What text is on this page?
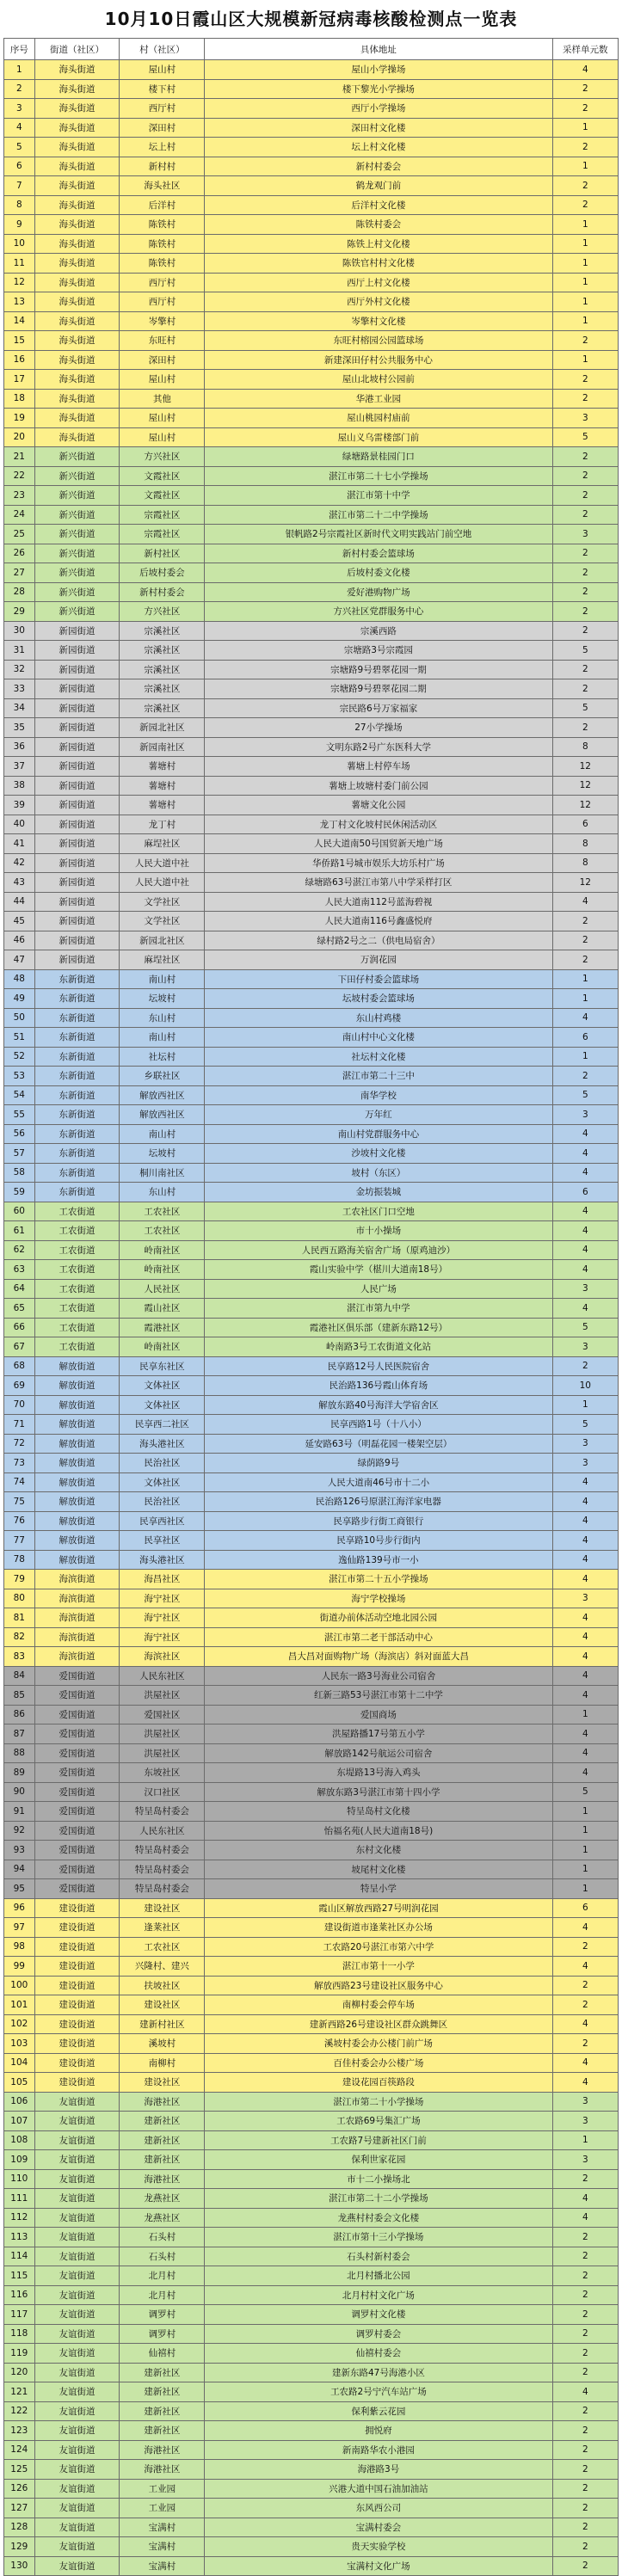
10月10日霞山区大规模新冠病毒核酸检测点一览表
序号	街道（社区）	村（社区）	具体地址	采样单元数
1	海头街道	屋山村	屋山小学操场	4
2	海头街道	楼下村	楼下黎光小学操场	2
3	海头街道	西厅村	西厅小学操场	2
4	海头街道	深田村	深田村文化楼	1
5	海头街道	坛上村	坛上村文化楼	2
6	海头街道	新村村	新村村委会	1
7	海头街道	海头社区	鹤龙观门前	2
8	海头街道	后洋村	后洋村文化楼	2
9	海头街道	陈铁村	陈铁村委会	1
10	海头街道	陈铁村	陈铁上村文化楼	1
11	海头街道	陈铁村	陈铁官村村文化楼	1
12	海头街道	西厅村	西厅上村文化楼	1
13	海头街道	西厅村	西厅外村文化楼	1
14	海头街道	岑擎村	岑擎村文化楼	1
15	海头街道	东旺村	东旺村榕园公园篮球场	2
16	海头街道	深田村	新建深田仔村公共服务中心	1
17	海头街道	屋山村	屋山北坡村公园前	2
18	海头街道	其他	华港工业园	2
19	海头街道	屋山村	屋山桃园村庙前	3
20	海头街道	屋山村	屋山义乌雷楼部门前	5
21	新兴街道	方兴社区	绿塘路景桂园门口	2
22	新兴街道	文霞社区	湛江市第二十七小学操场	2
23	新兴街道	文霞社区	湛江市第十中学	2
24	新兴街道	宗霞社区	湛江市第二十二中学操场	2
25	新兴街道	宗霞社区	银帆路2号宗霞社区新时代文明实践站门前空地	3
26	新兴街道	新村社区	新村村委会篮球场	2
27	新兴街道	后坡村委会	后坡村委文化楼	2
28	新兴街道	新村村委会	爱好港购物广场	2
29	新兴街道	方兴社区	方兴社区党群服务中心	2
30	新园街道	宗溪社区	宗溪西路	2
31	新园街道	宗溪社区	宗塘路3号宗霞园	5
32	新园街道	宗溪社区	宗塘路9号碧翠花园一期	2
33	新园街道	宗溪社区	宗塘路9号碧翠花园二期	2
34	新园街道	宗溪社区	宗民路6号万家福家	5
35	新园街道	新园北社区	27小学操场	2
36	新园街道	新园南社区	文明东路2号广东医科大学	8
37	新园街道	薯塘村	薯塘上村停车场	12
38	新园街道	薯塘村	薯塘上坡塘村委门前公园	12
39	新园街道	薯塘村	薯塘文化公园	12
40	新园街道	龙丁村	龙丁村文化坡村民休闲活动区	6
41	新园街道	麻埕社区	人民大道南50号国贸新天地广场	8
42	新园街道	人民大道中社	华侨路1号城市娱乐大坊乐村广场	8
43	新园街道	人民大道中社	绿塘路63号湛江市第八中学采样打区	12
44	新园街道	文学社区	人民大道南112号蓝海碧视	4
45	新园街道	文学社区	人民大道南116号鑫盛悦府	2
46	新园街道	新园北社区	绿村路2号之二（供电局宿舍）	2
47	新园街道	麻埕社区	万润花园	2
48	东新街道	南山村	下田仔村委会篮球场	1
49	东新街道	坛坡村	坛坡村委会篮球场	1
50	东新街道	东山村	东山村鸡楼	4
51	东新街道	南山村	南山村中心文化楼	6
52	东新街道	社坛村	社坛村文化楼	1
53	东新街道	乡联社区	湛江市第二十三中	2
54	东新街道	解放西社区	南华学校	5
55	东新街道	解放西社区	万年红	3
56	东新街道	南山村	南山村党群服务中心	4
57	东新街道	坛坡村	沙坡村文化楼	4
58	东新街道	桐川南社区	坡村（东区）	4
59	东新街道	东山村	金坊振装城	6
60	工农街道	工农社区	工农社区门口空地	4
61	工农街道	工农社区	市十小操场	4
62	工农街道	岭南社区	人民西五路海关宿舍广场（原鸡迪沙）	4
63	工农街道	岭南社区	霞山实验中学（椹川大道南18号）	4
64	工农街道	人民社区	人民广场	3
65	工农街道	霞山社区	湛江市第九中学	4
66	工农街道	霞港社区	霞港社区俱乐部（建新东路12号）	5
67	工农街道	岭南社区	岭南路3号工农街道文化站	3
68	解放街道	民享东社区	民享路12号人民医院宿舍	2
69	解放街道	文体社区	民治路136号霞山体育场	10
70	解放街道	文体社区	解放东路40号海洋大学宿舍区	1
71	解放街道	民享西二社区	民享西路1号（十八小）	5
72	解放街道	海头港社区	延安路63号（明磊花园一楼架空层）	3
73	解放街道	民治社区	绿荫路9号	3
74	解放街道	文体社区	人民大道南46号市十二小	4
75	解放街道	民治社区	民治路126号原湛江海洋家电器	4
76	解放街道	民享西社区	民享路步行街工商银行	4
77	解放街道	民享社区	民享路10号步行街内	4
78	解放街道	海头港社区	逸仙路139号市一小	4
79	海滨街道	海昌社区	湛江市第二十五小学操场	4
80	海滨街道	海宁社区	海宁学校操场	3
81	海滨街道	海宁社区	街道办前体活动空地北园公园	4
82	海滨街道	海宁社区	湛江市第二老干部活动中心	4
83	海滨街道	海滨社区	昌大昌对面购物广场（海滨店）斜对面蓝大昌	4
84	爱国街道	人民东社区	人民东一路3号海业公司宿舍	4
85	爱国街道	洪屋社区	红新三路53号湛江市第十二中学	4
86	爱国街道	爱国社区	爱国商场	1
87	爱国街道	洪屋社区	洪屋路播17号第五小学	4
88	爱国街道	洪屋社区	解放路142号航运公司宿舍	4
89	爱国街道	东坡社区	东堤路13号海入鸡头	4
90	爱国街道	汉口社区	解放东路3号湛江市第十四小学	5
91	爱国街道	特呈岛村委会	特呈岛村文化楼	1
92	爱国街道	人民东社区	怡福名苑(人民大道南18号)	1
93	爱国街道	特呈岛村委会	东村文化楼	1
94	爱国街道	特呈岛村委会	坡尾村文化楼	1
95	爱国街道	特呈岛村委会	特呈小学	1
96	建设街道	建设社区	霞山区解放西路27号明润花园	6
97	建设街道	逢莱社区	建设街道市逢莱社区办公场	4
98	建设街道	工农社区	工农路20号湛江市第六中学	2
99	建设街道	兴隆村、建兴	湛江市第十一小学	4
100	建设街道	扶坡社区	解放西路23号建设社区服务中心	2
101	建设街道	建设社区	南柳村委会停车场	2
102	建设街道	建新村社区	建新西路26号建设社区群众跳舞区	4
103	建设街道	溪坡村	溪坡村委会办公楼门前广场	2
104	建设街道	南柳村	百佳村委会办公楼广场	4
105	建设街道	建设社区	建设花园百筷路段	4
106	友谊街道	海港社区	湛江市第二十小学操场	3
107	友谊街道	建新社区	工农路69号集汇广场	3
108	友谊街道	建新社区	工农路7号建新社区门前	1
109	友谊街道	建新社区	保利世家花园	3
110	友谊街道	海港社区	市十二小操场北	2
111	友谊街道	龙燕社区	湛江市第二十二小学操场	4
112	友谊街道	龙燕社区	龙燕村村委会文化楼	4
113	友谊街道	石头村	湛江市第十三小学操场	2
114	友谊街道	石头村	石头村新村委会	2
115	友谊街道	北月村	北月村播北公园	2
116	友谊街道	北月村	北月村村文化广场	2
117	友谊街道	调罗村	调罗村文化楼	2
118	友谊街道	调罗村	调罗村委会	2
119	友谊街道	仙禧村	仙禧村委会	2
120	友谊街道	建新社区	建新东路47号海港小区	2
121	友谊街道	建新社区	工农路2号宁汽车站广场	4
122	友谊街道	建新社区	保利紫云花园	2
123	友谊街道	建新社区	拥悦府	2
124	友谊街道	海港社区	新南路华农小港园	2
125	友谊街道	海港社区	海港路3号	2
126	友谊街道	工业园	兴港大道中国石油加油站	2
127	友谊街道	工业园	东风西公司	2
128	友谊街道	宝满村	宝满村委会	2
129	友谊街道	宝满村	贵天实验学校	2
130	友谊街道	宝满村	宝满村文化广场	2
